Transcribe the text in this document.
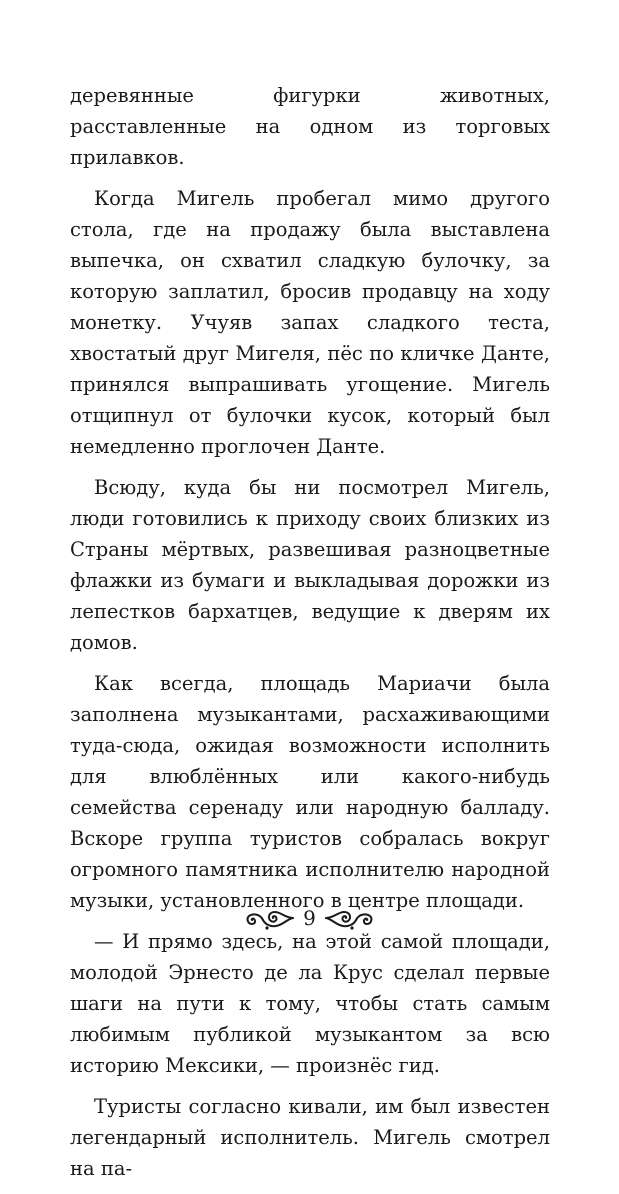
деревянные фигурки животных, расставленные на одном из торговых прилавков.

Когда Мигель пробегал мимо другого стола, где на продажу была выставлена выпечка, он схватил сладкую булочку, за которую заплатил, бросив продавцу на ходу монетку. Учуяв запах сладкого теста, хвостатый друг Мигеля, пёс по кличке Данте, принялся выпрашивать угощение. Мигель отщипнул от булочки кусок, который был немедленно проглочен Данте.

Всюду, куда бы ни посмотрел Мигель, люди готовились к приходу своих близких из Страны мёртвых, развешивая разноцветные флажки из бумаги и выкладывая дорожки из лепестков бархатцев, ведущие к дверям их домов.

Как всегда, площадь Мариачи была заполнена музыкантами, расхаживающими туда-сюда, ожидая возможности исполнить для влюблённых или какого-нибудь семейства серенаду или народную балладу. Вскоре группа туристов собралась вокруг огромного памятника исполнителю народной музыки, установленного в центре площади.

— И прямо здесь, на этой самой площади, молодой Эрнесто де ла Крус сделал первые шаги на пути к тому, чтобы стать самым любимым публикой музыкантом за всю историю Мексики, — произнёс гид.

Туристы согласно кивали, им был известен легендарный исполнитель. Мигель смотрел на па-

9
